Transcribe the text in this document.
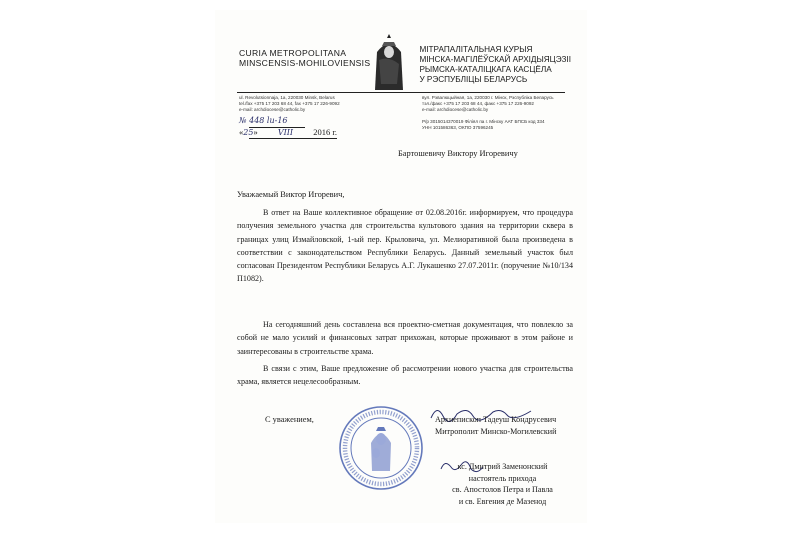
CURIA METROPOLITANA
MINSCENSIS-MOHILOVIENSIS
МІТРАПАЛІТАЛЬНАЯ КУРЫЯ
МІНСКА-МАГІЛЁЎСКАЙ АРХІДЫЯЦЭЗІІ
РЫМСКА-КАТАЛІЦКАГА КАСЦЁЛА
У РЭСПУБЛІЦЫ БЕЛАРУСЬ
ul. Revolutsionnaja, 1a, 220030 Minsk, Belarus
tel./fax +375 17 203 68 44, fax +375 17 226-9092
e-mail: archdiocese@catholic.by
вул. Рэвалюцыйная, 1а, 220030 г. Мінск, Рэспубліка Беларусь
тэл./факс +375 17 203 68 44, факс +375 17 226-9092
e-mail: archdiocese@catholic.by
Р/р 3015014370019 Філіял па г. Мінску ААТ БПСБ код 334
УНН 101586363, ОКПО 37596245
№ 448 lu-16
«25»	VIII 2016 г.
Бартошевичу Виктору Игоревичу
Уважаемый Виктор Игоревич,
В ответ на Ваше коллективное обращение от 02.08.2016г. информируем, что процедура получения земельного участка для строительства культового здания на территории сквера в границах улиц Измайловской, 1-ый пер. Крыловича, ул. Мелиоративной была произведена в соответствии с законодательством Республики Беларусь. Данный земельный участок был согласован Президентом Республики Беларусь А.Г. Лукашенко 27.07.2011г. (поручение №10/134 П1082).
На сегодняшний день составлена вся проектно-сметная документация, что повлекло за собой не мало усилий и финансовых затрат прихожан, которые проживают в этом районе и заинтересованы в строительстве храма.
В связи с этим, Ваше предложение об рассмотрении нового участка для строительства храма, является нецелесообразным.
С уважением,	Архиепископ Тадеуш Кондрусевич
Митрополит Минско-Могилевский
кс. Дмитрий Заменонский
настоятель прихода
св. Апостолов Петра и Павла
и св. Евгения де Мазенод
